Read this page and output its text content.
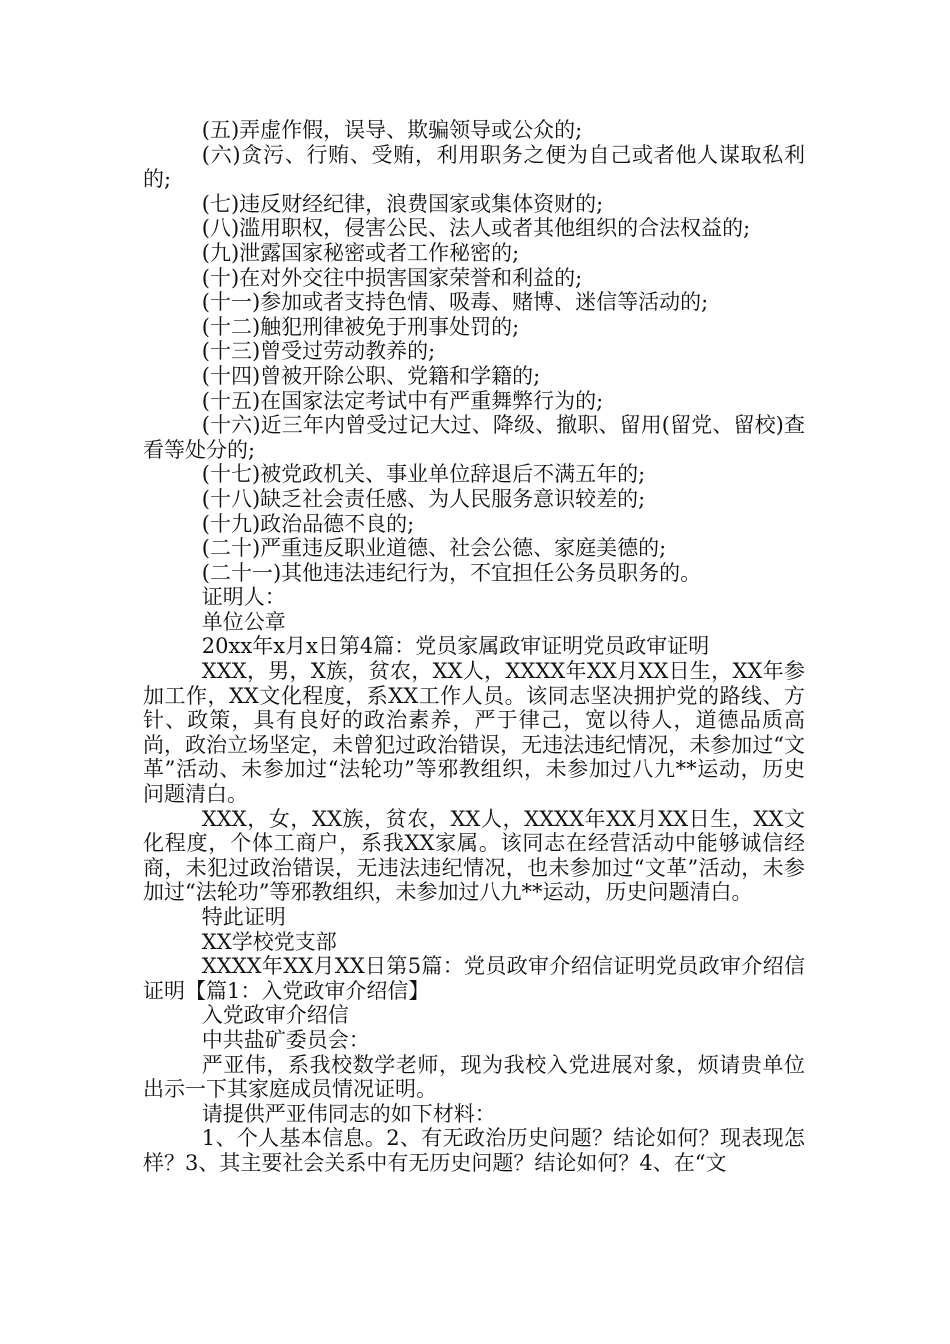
(五)弄虚作假，误导、欺骗领导或公众的;

(六)贪污、行贿、受贿，利用职务之便为自己或者他人谋取私利的;

(七)违反财经纪律，浪费国家或集体资财的;

(八)滥用职权，侵害公民、法人或者其他组织的合法权益的;

(九)泄露国家秘密或者工作秘密的;

(十)在对外交往中损害国家荣誉和利益的;

(十一)参加或者支持色情、吸毒、赌博、迷信等活动的;

(十二)触犯刑律被免于刑事处罚的;

(十三)曾受过劳动教养的;

(十四)曾被开除公职、党籍和学籍的;

(十五)在国家法定考试中有严重舞弊行为的;

(十六)近三年内曾受过记大过、降级、撤职、留用(留党、留校)查看等处分的;

(十七)被党政机关、事业单位辞退后不满五年的;

(十八)缺乏社会责任感、为人民服务意识较差的;

(十九)政治品德不良的;

(二十)严重违反职业道德、社会公德、家庭美德的;

(二十一)其他违法违纪行为，不宜担任公务员职务的。

证明人：

单位公章

20xx年x月x日第4篇：党员家属政审证明党员政审证明

XXX，男，X族，贫农，XX人，XXXX年XX月XX日生，XX年参加工作，XX文化程度，系XX工作人员。该同志坚决拥护党的路线、方针、政策，具有良好的政治素养，严于律己，宽以待人，道德品质高尚，政治立场坚定，未曾犯过政治错误，无违法违纪情况，未参加过“文革”活动、未参加过“法轮功”等邪教组织，未参加过八九**运动，历史问题清白。

XXX，女，XX族，贫农，XX人，XXXX年XX月XX日生，XX文化程度，个体工商户，系我XX家属。该同志在经营活动中能够诚信经商，未犯过政治错误，无违法违纪情况，也未参加过“文革”活动，未参加过“法轮功”等邪教组织，未参加过八九**运动，历史问题清白。

特此证明

XX学校党支部

XXXX年XX月XX日第5篇：党员政审介绍信证明党员政审介绍信证明【篇1：入党政审介绍信】

入党政审介绍信

中共盐矿委员会：

严亚伟，系我校数学老师，现为我校入党进展对象，烦请贵单位出示一下其家庭成员情况证明。

请提供严亚伟同志的如下材料：

1、个人基本信息。2、有无政治历史问题？结论如何？现表现怎样？3、其主要社会关系中有无历史问题？结论如何？4、在“文
